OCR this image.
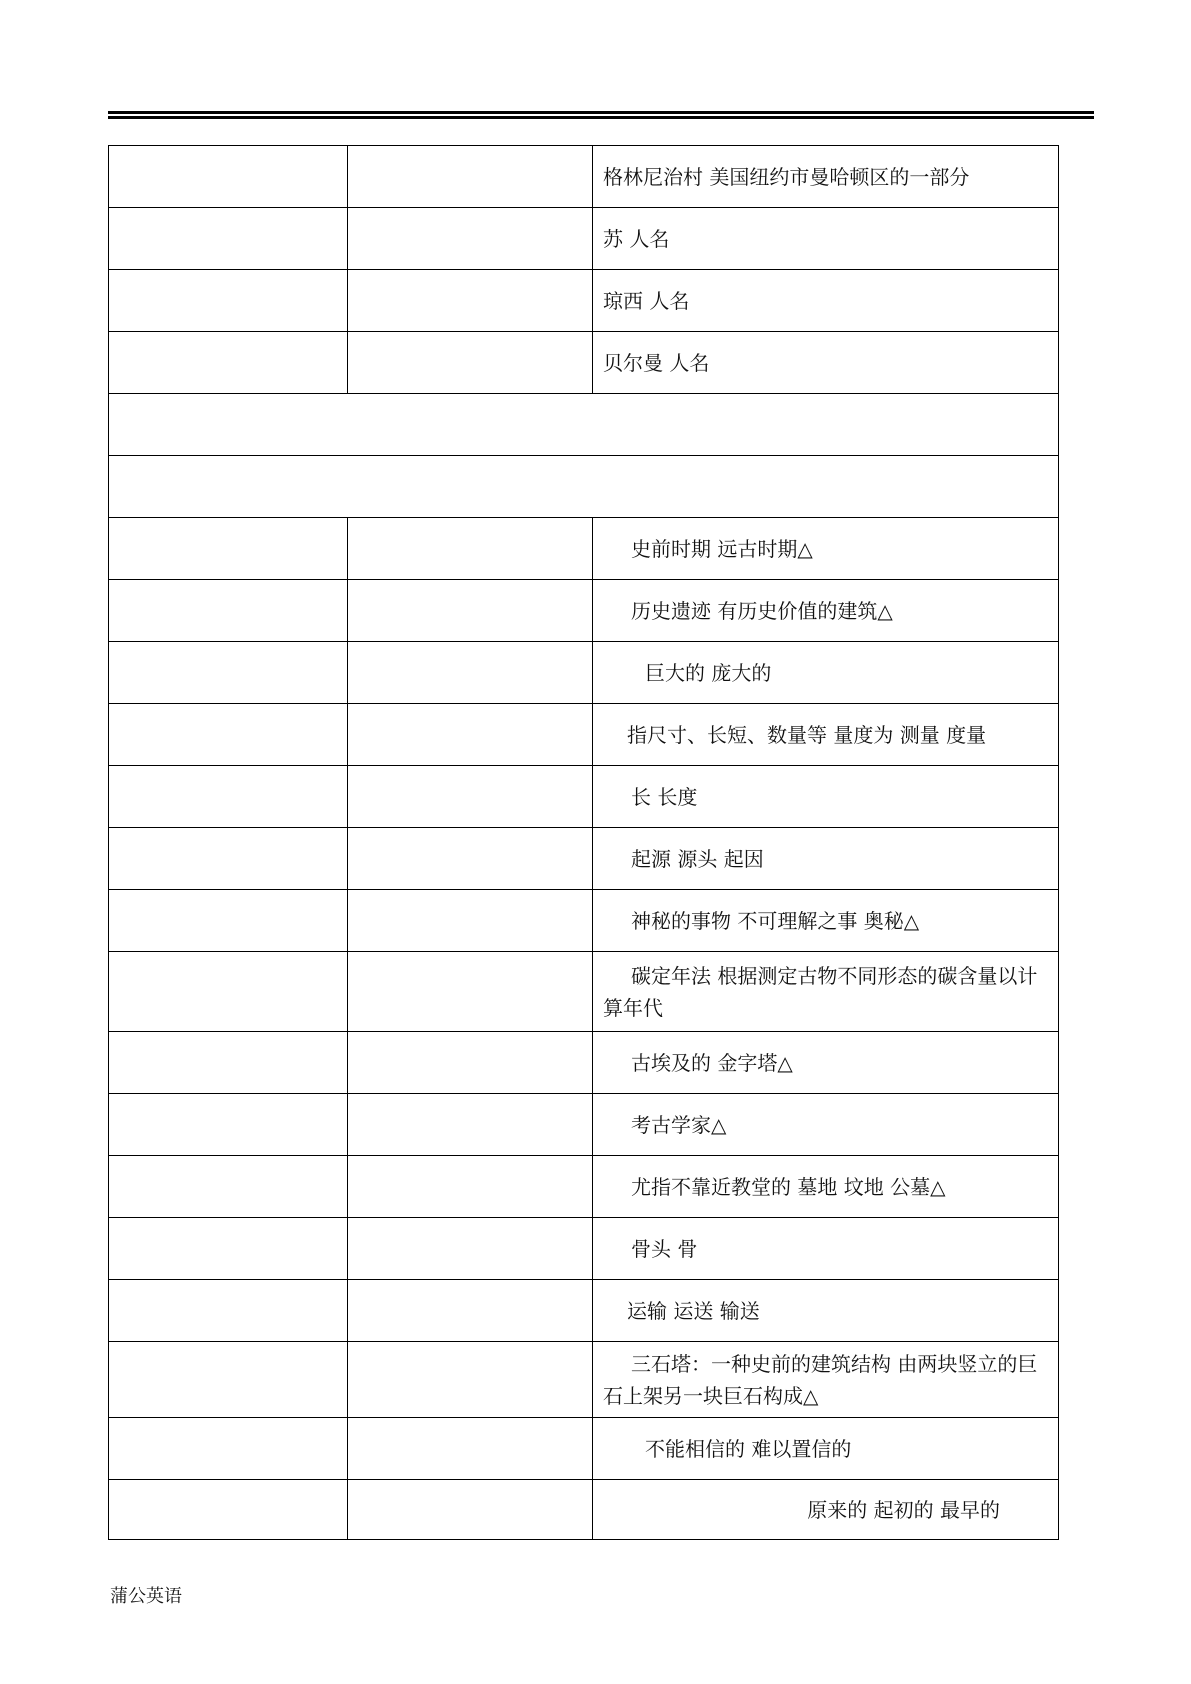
		格林尼治村 美国纽约市曼哈顿区的一部分
		苏 人名
		琼西 人名
		贝尔曼 人名

		史前时期 远古时期△
		历史遗迹 有历史价值的建筑△
		巨大的 庞大的
		指尺寸、长短、数量等 量度为 测量 度量
		长 长度
		起源 源头 起因
		神秘的事物 不可理解之事 奥秘△
		碳定年法 根据测定古物不同形态的碳含量以计算年代
		古埃及的 金字塔△
		考古学家△
		尤指不靠近教堂的 墓地 坟地 公墓△
		骨头 骨
		运输 运送 输送
		三石塔：一种史前的建筑结构 由两块竖立的巨石上架另一块巨石构成△
		不能相信的 难以置信的
		原来的 起初的 最早的
蒲公英语
